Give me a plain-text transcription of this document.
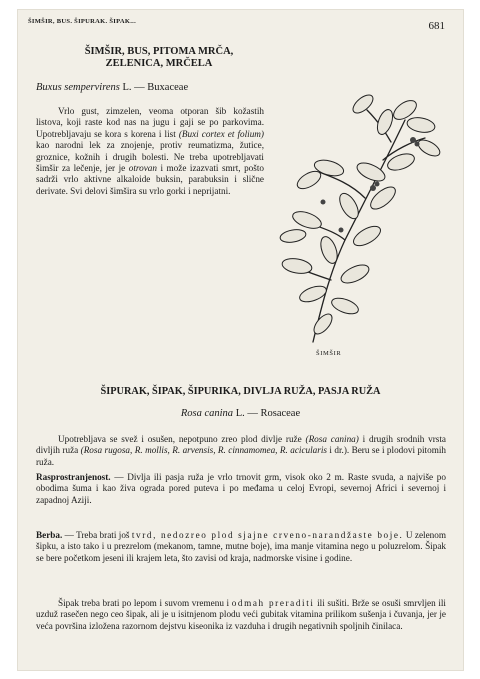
ŠIMŠIR, BUS. ŠIPURAK. ŠIPAK...	681
ŠIMŠIR, BUS, PITOMA MRČA,
ZELENICA, MRČELA
Buxus sempervirens L. — Buxaceae
Vrlo gust, zimzelen, veoma otporan šib kožastih listova, koji raste kod nas na jugu i gaji se po parkovima. Upotrebljavaju se kora s korena i list (Buxi cortex et folium) kao narodni lek za znojenje, protiv reumatizma, žutice, groznice, kožnih i drugih bolesti. Ne treba upotrebljavati šimšir za lečenje, jer je otrovan i može izazvati smrt, pošto sadrži vrlo aktivne alkaloide buksin, parabuksin i slične derivate. Svi delovi šimšira su vrlo gorki i neprijatni.
ŠIMŠIR
ŠIPURAK, ŠIPAK, ŠIPURIKA, DIVLJA RUŽA, PASJA RUŽA
Rosa canina L. — Rosaceae
Upotrebljava se svež i osušen, nepotpuno zreo plod divlje ruže (Rosa canina) i drugih srodnih vrsta divljih ruža (Rosa rugosa, R. mollis, R. arvensis, R. cinnamomea, R. acicularis i dr.). Beru se i plodovi pitomih ruža.
Rasprostranjenost. — Divlja ili pasja ruža je vrlo trnovit grm, visok oko 2 m. Raste svuda, a najviše po obodima šuma i kao živa ograda pored puteva i po međama u celoj Evropi, severnoj Africi i severnoj i zapadnoj Aziji.
Berba. — Treba brati još tvrd, nedozreo plod sjajne crveno-narandžaste boje. U zelenom šipku, a isto tako i u prezrelom (mekanom, tamne, mutne boje), ima manje vitamina nego u poluzrelom. Šipak se bere početkom jeseni ili krajem leta, što zavisi od kraja, nadmorske visine i godine.
Šipak treba brati po lepom i suvom vremenu i odmah preraditi ili sušiti. Brže se osuši smrvljen ili uzduž rasečen nego ceo šipak, ali je u isitnjenom plodu veći gubitak vitamina prilikom sušenja i čuvanja, jer je veća površina izložena razornom dejstvu kiseonika iz vazduha i drugih negativnih spoljnih činilaca.
